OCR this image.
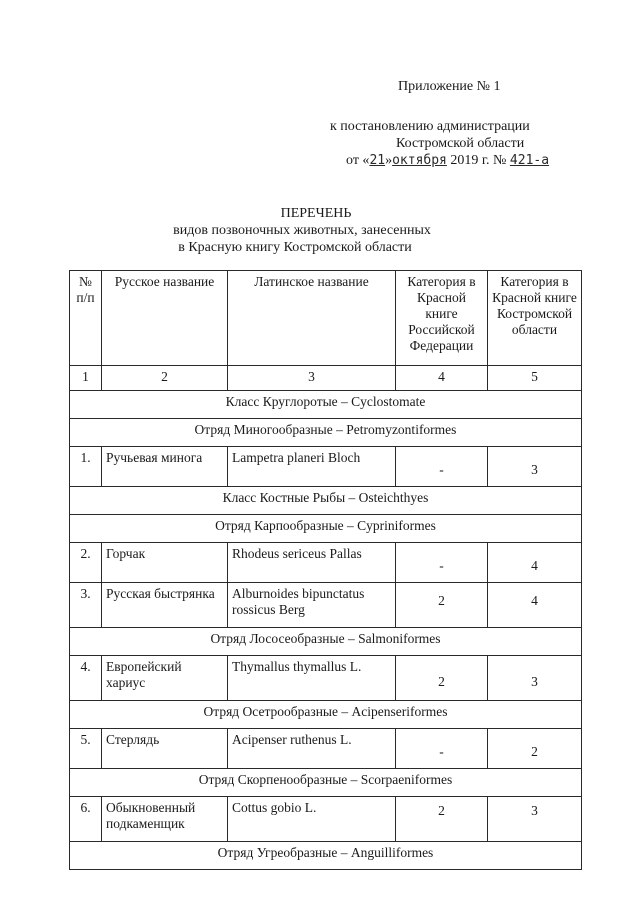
Приложение № 1
к постановлению администрации
Костромской области
от «21»октября 2019 г. № 421-а
ПЕРЕЧЕНЬ
видов позвоночных животных, занесенных
в Красную книгу Костромской области
№ п/п	Русское название	Латинское название	Категория в Красной книге Российской Федерации	Категория в Красной книге Костромской области
1	2	3	4	5
Класс Круглоротые – Cyclostomate				
Отряд Миногообразные – Petromyzontiformes				
1.	Ручьевая минога	Lampetra planeri Bloch	-	3
Класс Костные Рыбы – Osteichthyes				
Отряд Карпообразные – Cypriniformes				
2.	Горчак	Rhodeus sericeus Pallas	-	4
3.	Русская быстрянка	Alburnoides bipunctatus rossicus Berg	2	4
Отряд Лососеобразные – Salmoniformes				
4.	Европейский хариус	Thymallus thymallus L.	2	3
Отряд Осетрообразные – Acipenseriformes				
5.	Стерлядь	Acipenser ruthenus L.	-	2
Отряд Скорпенообразные – Scorpaeniformes				
6.	Обыкновенный подкаменщик	Cottus gobio L.	2	3
Отряд Угреобразные – Anguilliformes				
